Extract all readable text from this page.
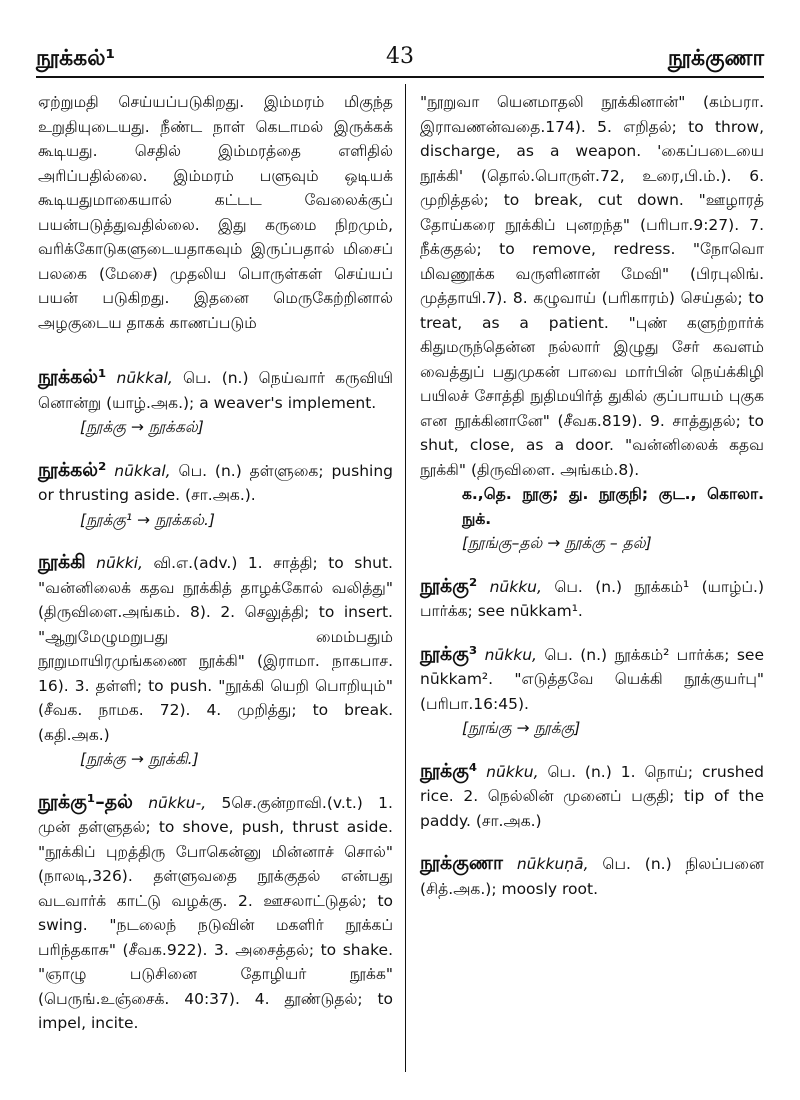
நூக்கல்¹	43	நூக்குணா

ஏற்றுமதி செய்யப்படுகிறது. இம்மரம் மிகுந்த உறுதியுடையது. நீண்ட நாள் கெடாமல் இருக்கக் கூடியது. செதில் இம்மரத்தை எளிதில் அரிப்பதில்லை. இம்மரம் பளுவும் ஒடியக் கூடியதுமாகையால் கட்டட வேலைக்குப் பயன்படுத்துவதில்லை. இது கருமை நிறமும், வரிக்கோடுகளுடையதாகவும் இருப்பதால் மிசைப் பலகை (மேசை) முதலிய பொருள்கள் செய்யப் பயன் படுகிறது. இதனை மெருகேற்றினால் அழகுடைய தாகக் காணப்படும்

நூக்கல்¹ nūkkal, பெ. (n.) நெய்வார் கருவியி னொன்று (யாழ்.அக.); a weaver's implement.

[நூக்கு → நூக்கல்]

நூக்கல்² nūkkal, பெ. (n.) தள்ளுகை; pushing or thrusting aside. (சா.அக.).

[நூக்கு¹ → நூக்கல்.]

நூக்கி nūkki, வி.எ.(adv.) 1. சாத்தி; to shut. "வன்னிலைக் கதவ நூக்கித் தாழக்கோல் வலித்து" (திருவிளை.அங்கம். 8). 2. செலுத்தி; to insert. "ஆறுமேழுமறுபது மைம்பதும் நூறுமாயிரமுங்கணை நூக்கி" (இராமா. நாகபாச. 16). 3. தள்ளி; to push. "நூக்கி யெறி பொறியும்" (சீவக. நாமக. 72). 4. முறித்து; to break. (கதி.அக.)

[நூக்கு → நூக்கி.]

நூக்கு¹–தல் nūkku-, 5செ.குன்றாவி.(v.t.) 1. முன் தள்ளுதல்; to shove, push, thrust aside. "நூக்கிப் புறத்திரு போகென்னு மின்னாச் சொல்" (நாலடி,326). தள்ளுவதை நூக்குதல் என்பது வடவார்க் காட்டு வழக்கு. 2. ஊசலாட்டுதல்; to swing. "நடலைந் நடுவின் மகளிர் நூக்கப் பரிந்தகாசு" (சீவக.922). 3. அசைத்தல்; to shake. "ஞாழு படுசினை தோழியர் நூக்க" (பெருங்.உஞ்சைக். 40:37). 4. தூண்டுதல்; to impel, incite.

"நூறுவா யெனமாதலி நூக்கினான்" (கம்பரா. இராவணன்வதை.174). 5. எறிதல்; to throw, discharge, as a weapon. 'கைப்படையை நூக்கி' (தொல்.பொருள்.72, உரை,பி.ம்.). 6. முறித்தல்; to break, cut down. "ஊழாரத் தோய்கரை நூக்கிப் புனறந்த" (பரிபா.9:27). 7. நீக்குதல்; to remove, redress. "நோவொ மிவணூக்க வருளினான் மேவி" (பிரபுலிங். முத்தாயி.7). 8. கழுவாய் (பரிகாரம்) செய்தல்; to treat, as a patient. "புண் களுற்றார்க் கிதுமருந்தென்ன நல்லார் இழுது சேர் கவளம் வைத்துப் பதுமுகன் பாவை மார்பின் நெய்க்கிழி பயிலச் சோத்தி நுதிமயிர்த் துகில் குப்பாயம் புகுக என நூக்கினானே" (சீவக.819). 9. சாத்துதல்; to shut, close, as a door. "வன்னிலைக் கதவ நூக்கி" (திருவிளை. அங்கம்.8).

க.,தெ. நூகு; து. நூகுநி; குட., கொலா. நுக்.

[நூங்கு–தல் → நூக்கு – தல்]

நூக்கு² nūkku, பெ. (n.) நூக்கம்¹ (யாழ்ப்.) பார்க்க; see nūkkam¹.

நூக்கு³ nūkku, பெ. (n.) நூக்கம்² பார்க்க; see nūkkam². "எடுத்தவே யெக்கி நூக்குயர்பு" (பரிபா.16:45).

[நூங்கு → நூக்கு]

நூக்கு⁴ nūkku, பெ. (n.) 1. நொய்; crushed rice. 2. நெல்லின் முனைப் பகுதி; tip of the paddy. (சா.அக.)

நூக்குணா nūkkuṇā, பெ. (n.) நிலப்பனை (சித்.அக.); moosly root.
